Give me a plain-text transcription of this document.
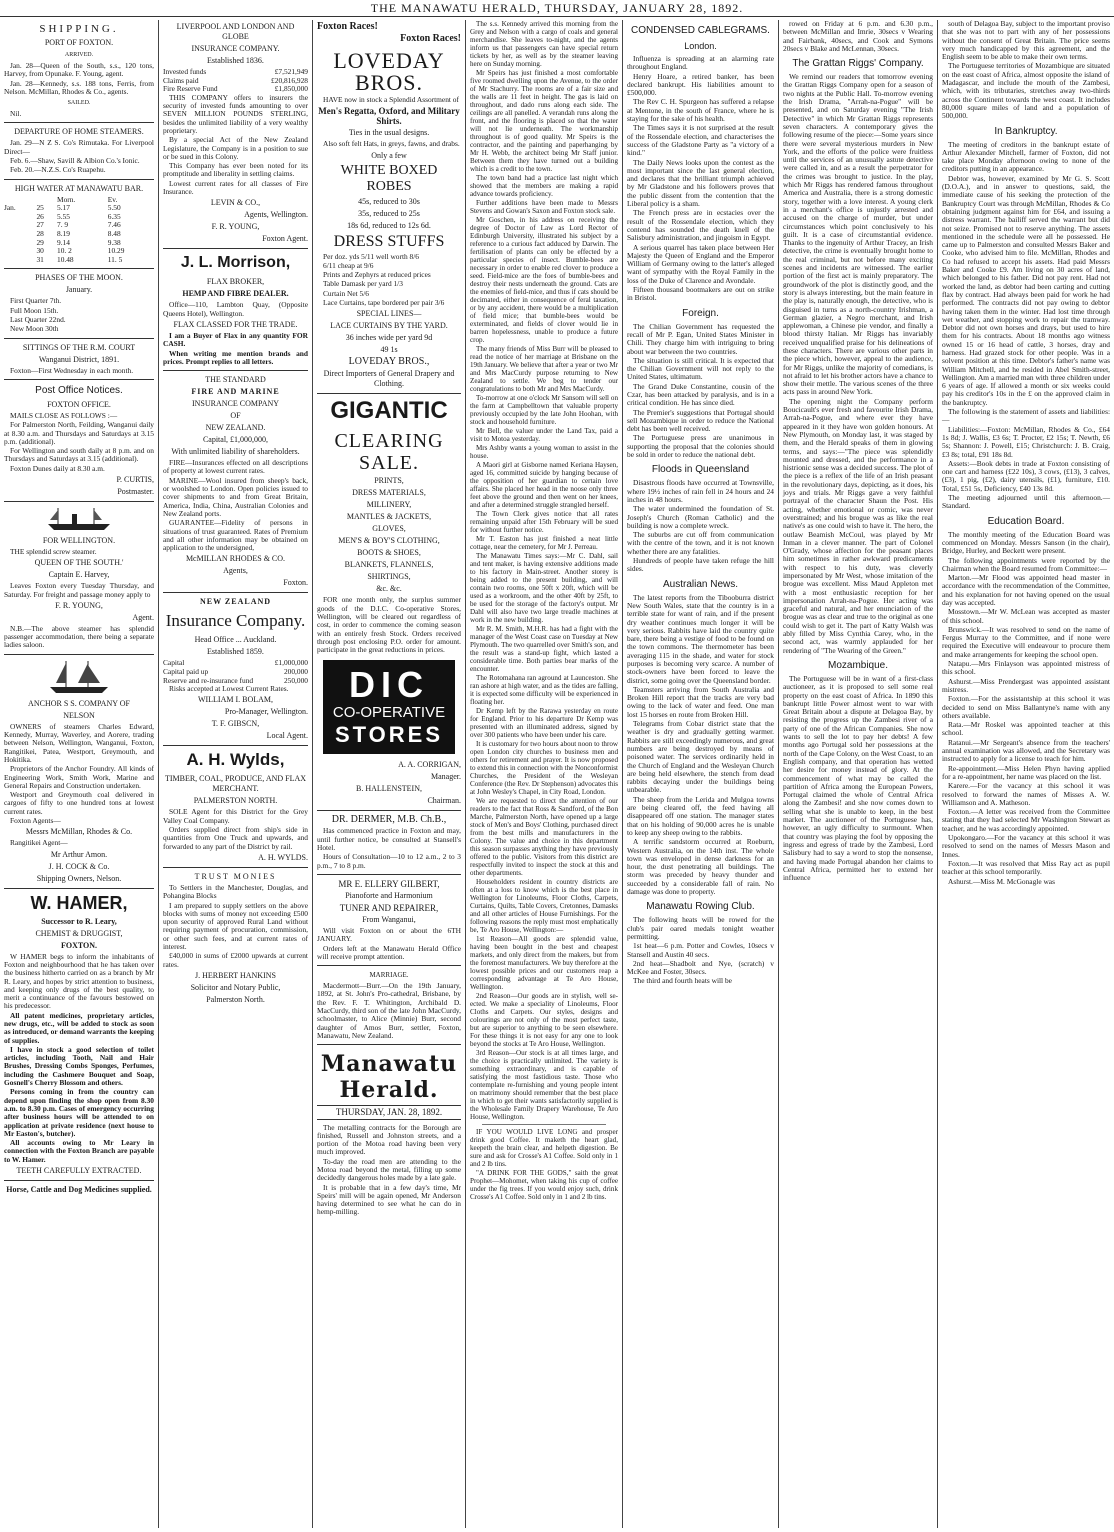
THE MANAWATU HERALD, THURSDAY, JANUARY 28, 1892.
SHIPPING.
PORT OF FOXTON.
ARRIVED.

Jan. 28—Queen of the South, s.s., 120 tons, Harvey, from Opunake. F. Young, agent.

Jan. 28—Kennedy, s.s. 188 tons, Ferris, from Nelson. McMillan, Rhodes & Co., agents.

SAILED.

Nil.

DEPARTURE OF HOME STEAMERS.

Jan. 29—N Z S. Co's Rimutaka. For Liverpool Direct—

Feb. 6.—Shaw, Savill & Albion Co.'s Ionic.

Feb. 20.—N.Z.S. Co's Ruapehu.

HIGH WATER AT MANAWATU BAR.
		Morn.	Ev.
Jan.	25	5.17	5.50
	26	5.55	6.35
	27	7. 9	7.46
	28	8.19	8.48
	29	9.14	9.38
	30	10. 2	10.29
	31	10.48	11. 5
PHASES OF THE MOON.
January.

First Quarter 7th.

Full Moon 15th.

Last Quarter 22nd.

New Moon 30th

SITTINGS OF THE R.M. COURT
Wanganui District, 1891.

Foxton—First Wednesday in each month.

Post Office Notices.
FOXTON OFFICE.

MAILS CLOSE AS FOLLOWS :—

For Palmerston North, Feilding, Wanganui daily at 8.30 a.m. and Thursdays and Saturdays at 3.15 p.m. (additional).

For Wellington and south daily at 8 p.m. and on Thursdays and Saturdays at 3.15 (additional).

Foxton Dunes daily at 8.30 a.m.

P. CURTIS,
Postmaster.
FOR WELLINGTON.

THE splendid screw steamer.

QUEEN OF THE SOUTH.'
Captain E. Harvey,

Leaves Foxton every Tuesday Thursday, and Saturday. For freight and passage money apply to

F. R. YOUNG,
Agent.

N.B.—The above steamer has splendid passenger accommodation, there being a separate ladies saloon.

ANCHOR S S. COMPANY OF
NELSON

OWNERS of steamers Charles Edward, Kennedy, Murray, Waverley, and Aorere, trading between Nelson, Wellington, Wanganui, Foxton, Rangitikei, Patea, Westport, Greymouth, and Hokitika.

Proprietors of the Anchor Foundry. All kinds of Engineering Work, Smith Work, Marine and General Repairs and Construction undertaken.

Westport and Greymouth coal delivered in cargoes of fifty to one hundred tons at lowest current rates.

Foxton Agents—

Messrs McMillan, Rhodes & Co.

Rangitikei Agent—

Mr Arthur Amon.
J. H. COCK & Co.
Shipping Owners, Nelson.
W. HAMER,
Successor to R. Leary,
CHEMIST & DRUGGIST,
FOXTON.

W HAMER begs to inform the inhabitants of Foxton and neighbourhood that he has taken over the business hitherto carried on as a branch by Mr R. Leary, and hopes by strict attention to business, and keeping only drugs of the best quality, to merit a continuance of the favours bestowed on his predecessor.

All patent medicines, proprietary articles, new drugs, etc., will be added to stock as soon as introduced, or demand warrants the keeping of supplies.

I have in stock a good selection of toilet articles, including Tooth, Nail and Hair Brushes, Dressing Combs Sponges, Perfumes, including the Cashmere Bouquet and Soap, Gosnell's Cherry Blossom and others.

Persons coming in from the country can depend upon finding the shop open from 8.30 a.m. to 8.30 p.m. Cases of emergency occurring after business hours will be attended to on application at private residence (next house to Mr Easton's, butcher).

All accounts owing to Mr Leary in connection with the Foxton Branch are payable to W. Hamer.

TEETH CAREFULLY EXTRACTED.
Horse, Cattle and Dog Medicines supplied.
LIVERPOOL AND LONDON AND GLOBE
INSURANCE COMPANY.
Established 1836.
Invested funds	£7,521,949
Claims paid	£20,816,928
Fire Reserve Fund	£1,850,000

THIS COMPANY offers to insurers the security of invested funds amounting to over SEVEN MILLION POUNDS STERLING, besides the unlimited liability of a very wealthy proprietary.

By a special Act of the New Zealand Legislature, the Company is in a position to sue or be sued in this Colony.

This Company has ever been noted for its promptitude and liberality in settling claims.

Lowest current rates for all classes of Fire Insurance.

LEVIN & CO.,
Agents, Wellington.
F. R. YOUNG,
Foxton Agent.
J. L. Morrison,
FLAX BROKER,
HEMP AND FIBRE DEALER.

Office—110, Lambton Quay, (Opposite Queens Hotel), Wellington.

FLAX CLASSED FOR THE TRADE.

I am a Buyer of Flax in any quantity FOR CASH.

When writing me mention brands and prices. Prompt replies to all letters.

THE STANDARD
FIRE AND MARINE
INSURANCE COMPANY
OF
NEW ZEALAND.
Capital, £1,000,000,
With unlimited liability of shareholders.

FIRE—Insurances effected on all descriptions of property at lowest current rates.

MARINE—Wool insured from sheep's back, or woolshed to London. Open policies issued to cover shipments to and from Great Britain, America, India, China, Australian Colonies and New Zealand ports.

GUARANTEE—Fidelity of persons in situations of trust guaranteed. Rates of Premium and all other information may be obtained on application to the undersigned,

McMILLAN RHODES & CO.
Agents,
Foxton.
NEW ZEALAND
Insurance Company.
Head Office ... Auckland.
Established 1859.
Capital	£1,000,000
Capital paid up	200,000
Reserve and re-insurance fund	250,000

Risks accepted at Lowest Current Rates.

WILLIAM I. BOLAM,
Pro-Manager, Wellington.
T. F. GIBSCN,
Local Agent.
A. H. Wylds,
TIMBER, COAL, PRODUCE, AND FLAX MERCHANT.
PALMERSTON NORTH.

SOLE Agent for this District for the Grey Valley Coal Company.

Orders supplied direct from ship's side in quantities from One Truck and upwards, and forwarded to any part of the District by rail.

A. H. WYLDS.
TRUST MONIES

To Settlers in the Manchester, Douglas, and Pohangina Blocks

I am prepared to supply settlers on the above blocks with sums of money not exceeding £500 upon security of approved Rural Land without requiring payment of procuration, commission, or other such fees, and at current rates of interest.

£40,000 in sums of £2000 upwards at current rates.

J. HERBERT HANKINS
Solicitor and Notary Public,
Palmerston North.
Foxton Races!
Foxton Races!
LOVEDAY BROS.

HAVE now in stock a Splendid Assortment of

Men's Regatta, Oxford, and Military Shirts.
Ties in the usual designs.

Also soft felt Hats, in greys, fawns, and drabs.

Only a few
WHITE BOXED ROBES
45s, reduced to 30s
35s, reduced to 25s
18s 6d, reduced to 12s 6d.
DRESS STUFFS

Per doz. yds 5/11 well worth 8/6

6/11 cheap at 9/6

Prints and Zephyrs at reduced prices

Table Damask per yard 1/3

Curtain Net 5/6

Lace Curtains, tape bordered per pair 3/6

SPECIAL LINES—
LACE CURTAINS BY THE YARD.
36 inches wide per yard 9d
49 1s
LOVEDAY BROS.,
Direct Importers of General Drapery and Clothing.
GIGANTIC
CLEARING SALE.
PRINTS,
DRESS MATERIALS,
MILLINERY,
MANTLES & JACKETS,
GLOVES,
MEN'S & BOY'S CLOTHING,
BOOTS & SHOES,
BLANKETS, FLANNELS,
SHIRTINGS,
&c. &c.

FOR one month only, the surplus summer goods of the D.I.C. Co-operative Stores, Wellington, will be cleared out regardless of cost, in order to commence the coming season with an entirely fresh Stock. Orders received through post enclosing P.O. order for amount. participate in the great reductions in prices.

DIC
CO-OPERATIVE
STORES
A. A. CORRIGAN,
Manager.
B. HALLENSTEIN,
Chairman.
DR. DERMER, M.B. Ch.B.,

Has commenced practice in Foxton and may, until further notice, be consulted at Stansell's Hotel.

Hours of Consultation—10 to 12 a.m., 2 to 3 p.m., 7 to 8 p.m.

MR E. ELLERY GILBERT,
Pianoforte and Harmonium
TUNER AND REPAIRER,
From Wanganui,

Will visit Foxton on or about the 6TH JANUARY.

Orders left at the Manawatu Herald Office will receive prompt attention.

MARRIAGE.

Macdermott—Burr.—On the 19th January, 1892, at St. John's Pro-cathedral, Brisbane, by the Rev. F. T. Whitington, Archibald D. MacCurdy, third son of the late John MacCurdy, schoolmaster, to Alice (Minnie) Burr, second daughter of Amos Burr, settler, Foxton, Manawatu, New Zealand.

Manawatu Herald.
THURSDAY, JAN. 28, 1892.

The metalling contracts for the Borough are finished, Russell and Johnston streets, and a portion of the Motoa road having been very much improved.

To-day the road men are attending to the Motoa road beyond the metal, filling up some decidedly dangerous holes made by a late gale.

It is probable that in a few day's time, Mr Speirs' mill will be again opened, Mr Anderson having determined to see what he can do in hemp-milling.

The s.s. Kennedy arrived this morning from the Grey and Nelson with a cargo of coals and general merchandise. She leaves to-night, and the agents inform us that passengers can have special return tickets by her, as well as by the steamer leaving here on Sunday morning.

Mr Speirs has just finished a most comfortable five roomed dwelling upon the Avenue, to the order of Mr Stachurry. The rooms are of a fair size and the walls are 11 feet in height. The gas is laid on throughout, and dado runs along each side. The ceilings are all panelled. A verandah runs along the front, and the flooring is placed so that the water will not lie underneath. The workmanship throughout is of good quality. Mr Speirs is the contractor, and the painting and paperhanging by Mr H. Webb, the architect being Mr Staff junior. Between them they have turned out a building which is a credit to the town.

The town band had a practice last night which showed that the members are making a rapid advance towards proficiency.

Further additions have been made to Messrs Stevens and Gowan's Saxon and Foxton stock sale.

Mr Goschen, in his address on receiving the degree of Doctor of Law as Lord Rector of Edinburgh University, illustrated his subject by a reference to a curious fact adduced by Darwin. The fertilisation of plants can only be effected by a particular species of insect. Bumble-bees are necessary in order to enable red clover to produce a seed. Field-mice are the foes of bumble-bees and destroy their nests underneath the ground. Cats are the enemies of field-mice, and thus if cats should be decimated, either in consequence of feral taxation, or by any accident, there would be a multiplication of field mice; that bumble-bees would be exterminated, and fields of clover would lie in barren hopelessness, unable to produce a future crop.

The many friends of Miss Burr will be pleased to read the notice of her marriage at Brisbane on the 19th January. We believe that after a year or two Mr and Mrs MacCurdy purpose returning to New Zealand to settle. We beg to tender our congratulations to both Mr and Mrs MacCurdy.

To-morrow at one o'clock Mr Sansom will sell on the farm at Campbelltown that valuable property previously occupied by the late John Hoohan, with stock and household furniture.

Mr Bell, the valuer under the Land Tax, paid a visit to Motoa yesterday.

Mrs Ashby wants a young woman to assist in the house.

A Maori girl at Gisborne named Keriana Haysen, aged 16, committed suicide by hanging because of the opposition of her guardian to certain love affairs. She placed her head in the noose only three feet above the ground and then went on her knees, and after a determined struggle strangled herself.

The Town Clerk gives notice that all rates remaining unpaid after 15th February will be sued for without further notice.

Mr T. Easton has just finished a neat little cottage, near the cemetery, for Mr J. Perreau.

The Manawatu Times says:—Mr C. Dahl, sail and tent maker, is having extensive additions made to his factory in Main-street. Another storey is being added to the present building, and will contain two rooms, one 50ft x 20ft, which will be used as a workroom, and the other 40ft by 25ft, to be used for the storage of the factory's output. Mr Dahl will also have two large treadle machines at work in the new building.

Mr R. M. Smith, M.H.R. has had a fight with the manager of the West Coast case on Tuesday at New Plymouth. The two quarrelled over Smith's son, and the result was a stand-up fight, which lasted a considerable time. Both parties bear marks of the encounter.

The Rotomahana ran aground at Launceston. She ran ashore at high water, and as the tides are falling, it is expected some difficulty will be experienced in floating her.

Dr Kemp left by the Rarawa yesterday en route for England. Prior to his departure Dr Kemp was presented with an illuminated address, signed by over 300 patients who have been under his care.

It is customary for two hours about noon to throw open London city churches to business men and others for retirement and prayer. It is now proposed to extend this in connection with the Nonconformist Churches, the President of the Wesleyan Conference (the Rev. Dr Stephenson) advocates this at John Wesley's Chapel, in City Road, London.

We are requested to direct the attention of our readers to the fact that Ross & Sandford, of the Bon Marche, Palmerston North, have opened up a large stock of Men's and Boys' Clothing, purchased direct from the best mills and manufacturers in the Colony. The value and choice in this department this season surpasses anything they have previously offered to the public. Visitors from this district are respectfully invited to inspect the stock at this and other departments.

Householders resident in country districts are often at a loss to know which is the best place in Wellington for Linoleums, Floor Cloths, Carpets, Curtains, Quilts, Table Covers, Cretonnes, Damasks and all other articles of House Furnishings. For the following reasons the reply must most emphatically be, Te Aro House, Wellington:—

1st Reason—All goods are splendid value, having been bought in the best and cheapest markets, and only direct from the makers, but from the foremost manufacturers. We buy therefore at the lowest possible prices and our customers reap a corresponding advantage at Te Aro House, Wellington.

2nd Reason—Our goods are in stylish, well se-ected. We make a speciality of Linoleums, Floor Cloths and Carpets. Our styles, designs and colourings are not only of the most perfect taste, but are superior to anything to be seen elsewhere. For these things it is not easy for any one to look beyond the stocks at Te Aro House, Wellington.

3rd Reason—Our stock is at all times large, and the choice is practically unlimited. The variety is something extraordinary, and is capable of satisfying the most fastidious taste. Those who contemplate re-furnishing and young people intent on matrimony should remember that the best place in which to get their wants satisfactorily supplied is the Wholesale Family Drapery Warehouse, Te Aro House, Wellington.

IF YOU WOULD LIVE LONG and prosper drink good Coffee. It maketh the heart glad, keepeth the brain clear, and helpeth digestion. Be sure and ask for Crosse's A1 Coffee. Sold only in 1 and 2 lb tins.

"A DRINK FOR THE GODS," saith the great Prophet—Mohomet, when taking his cup of coffee under the fig trees. If you would enjoy such, drink Crosse's A1 Coffee. Sold only in 1 and 2 lb tins.

CONDENSED CABLEGRAMS.
London.

Influenza is spreading at an alarming rate throughout England.

Henry Hoare, a retired banker, has been declared bankrupt. His liabilities amount to £500,000.

The Rev C. H. Spurgeon has suffered a relapse at Mentone, in the south of France, where he is staying for the sake of his health.

The Times says it is not surprised at the result of the Rossendale election, and characterises the success of the Gladstone Party as "a victory of a kind."

The Daily News looks upon the contest as the most important since the last general election, and declares that the brilliant triumph achieved by Mr Gladstone and his followers proves that the public dissent from the contention that the Liberal policy is a sham.

The French press are in ecstacies over the result of the Rossendale election, which they contend has sounded the death knell of the Salisbury administration, and jingoism in Egypt.

A serious quarrel has taken place between Her Majesty the Queen of England and the Emperor William of Germany owing to the latter's alleged want of sympathy with the Royal Family in the loss of the Duke of Clarence and Avondale.

Fifteen thousand bootmakers are out on strike in Bristol.

Foreign.

The Chilian Government has requested the recall of Mr P. Egan, United States Minister in Chili. They charge him with intriguing to bring about war between the two countries.

The situation is still critical. It is expected that the Chilian Government will not reply to the United States, ultimatum.

The Grand Duke Constantine, cousin of the Czar, has been attacked by paralysis, and is in a critical condition. He has since died.

The Premier's suggestions that Portugal should sell Mozambique in order to reduce the National debt has been well received.

The Portuguese press are unanimous in supporting the proposal that the colonies should be sold in order to reduce the national debt.

Floods in Queensland

Disastrous floods have occurred at Townsville, where 19½ inches of rain fell in 24 hours and 24 inches in 48 hours.

The water undermined the foundation of St. Joseph's Church (Roman Catholic) and the building is now a complete wreck.

The suburbs are cut off from communication with the centre of the town, and it is not known whether there are any fatalities.

Hundreds of people have taken refuge the hill sides.

Australian News.

The latest reports from the Tibooburra district New South Wales, state that the country is in a terrible state for want of rain, and if the present dry weather continues much longer it will be very serious. Rabbits have laid the country quite bare, there being a vestige of food to be found on the town commons. The thermometer has been averaging 115 in the shade, and water for stock purposes is becoming very scarce. A number of stock-owners have been forced to leave the district, some going over the Queensland border.

Teamsters arriving from South Australia and Broken Hill report that the tracks are very bad owing to the lack of water and feed. One man lost 15 horses en route from Broken Hill.

Telegrams from Cobar district state that the weather is dry and gradually getting warmer. Rabbits are still exceedingly numerous, and great numbers are being destroyed by means of poisoned water. The services ordinarily held in the Church of England and the Wesleyan Church are being held elsewhere, the stench from dead rabbits decaying under the buildings being unbearable.

The sheep from the Lerida and Mulgoa towns are being cleared off, the feed having all disappeared off one station. The manager states that on his holding of 90,000 acres he is unable to keep any sheep owing to the rabbits.

A terrific sandstorm occurred at Roeburn, Western Australia, on the 14th inst. The whole town was enveloped in dense darkness for an hour, the dust penetrating all buildings. The storm was preceded by heavy thunder and succeeded by a considerable fall of rain. No damage was done to property.

Manawatu Rowing Club.

The following heats will be rowed for the club's pair oared medals tonight weather permitting.

1st heat—6 p.m. Potter and Cowles, 10secs v Stansell and Austin 40 secs.

2nd heat—Shadbolt and Nye, (scratch) v McKee and Foster, 30secs.

The third and fourth heats will be

rowed on Friday at 6 p.m. and 6.30 p.m., between McMillan and Imrie, 30secs v Wearing and Fairbank, 40secs, and Cook and Symons 20secs v Blake and McLennan, 30secs.

The Grattan Riggs' Company.

We remind our readers that tomorrow evening the Grattan Riggs Company open for a season of two nights at the Public Hall. To-morrow evening the Irish Drama, "Arrah-na-Pogue" will be presented, and on Saturday evening "The Irish Detective" in which Mr Grattan Riggs represents seven characters. A contemporary gives the following resume of the piece:—Some years since there were several mysterious murders in New York, and the efforts of the police were fruitless until the services of an unusually astute detective were called in, and as a result the perpetrator for the crimes was brought to justice. In the play, which Mr Riggs has rendered famous throughout America and Australia, there is a strong domestic story, together with a love interest. A young clerk in a merchant's office is unjustly arrested and accused on the charge of murder, but under circumstances which point conclusively to his guilt. It is a case of circumstantial evidence. Thanks to the ingenuity of Arthur Tracey, an Irish detective, the crime is eventually brought home to the real criminal, but not before many exciting scenes and incidents are witnessed. The earlier portion of the first act is mainly preparatory. The groundwork of the plot is distinctly good, and the story is always interesting, but the main feature in the play is, naturally enough, the detective, who is disguised in turns as a north-country Irishman, a German glazier, a Negro merchant, and Irish applewoman, a Chinese pie vendor, and finally a blood thirsty Italian. Mr Riggs has invariably received unqualified praise for his delineations of these characters. There are various other parts in the piece which, however, appeal to the audience, for Mr Riggs, unlike the majority of comedians, is not afraid to let his brother actors have a chance to show their mettle. The various scenes of the three acts pass in around New York.

The opening night the Company perform Boucicault's ever fresh and favourite Irish Drama, Arrah-na-Pogue, and where ever they have appeared in it they have won golden honours. At New Plymouth, on Monday last, it was staged by them, and the Herald speaks of them in glowing terms, and says:—"The piece was splendidly mounted and dressed, and the performance in a histrionic sense was a decided success. The plot of the piece is a reflex of the life of an Irish peasant in the revolutionary days, depicting, as it does, his joys and trials. Mr Riggs gave a very faithful portrayal of the character Shaun the Post. His acting, whether emotional or comic, was never overstrained; and his brogue was as like the real native's as one could wish to have it. The hero, the outlaw Beamish McCoul, was played by Mr Inman in a clever manner. The part of Colonel O'Grady, whose affection for the peasant places him sometimes in rather awkward predicaments with respect to his duty, was cleverly impersonated by Mr West, whose imitation of the brogue was excellent. Miss Maud Appleton met with a most enthusiastic reception for her impersonation Arrah-na-Pogue. Her acting was graceful and natural, and her enunciation of the brogue was as clear and true to the original as one could wish to get it. The part of Katty Walsh was ably filled by Miss Cynthia Carey, who, in the second act, was warmly applauded for her rendering of "The Wearing of the Green."

Mozambique.

The Portuguese will be in want of a first-class auctioneer, as it is proposed to sell some real property on the east coast of Africa. In 1890 this bankrupt little Power almost went to war with Great Britain about a dispute at Delagoa Bay, by resisting the progress up the Zambesi river of a party of one of the African Companies. She now wants to sell the lot to pay her debts! A few months ago Portugal sold her possessions at the north of the Cape Colony, on the West Coast, to an English company, and that operation has wetted her desire for money instead of glory. At the commencement of what may be called the partition of Africa among the European Powers, Portugal claimed the whole of Central Africa along the Zambesi! and she now comes down to selling what she is unable to keep, in the best market. The auctioneer of the Portuguese has, however, an ugly difficulty to surmount. When that country was playing the fool by opposing the ingress and egress of trade by the Zambesi, Lord Salisbury had to say a word to stop the nonsense, and having made Portugal abandon her claims to Central Africa, permitted her to extend her influence

south of Delagoa Bay, subject to the important proviso that she was not to part with any of her possessions without the consent of Great Britain. The price seems very much handicapped by this agreement, and the English seem to be able to make their own terms.

The Portuguese territories of Mozambique are situated on the east coast of Africa, almost opposite the island of Madagascar, and include the mouth of the Zambesi, which, with its tributaries, stretches away two-thirds across the Continent towards the west coast. It includes 80,000 square miles of land and a population of 500,000.

In Bankruptcy.

The meeting of creditors in the bankrupt estate of Arthur Alexander Mitchell, farmer of Foxton, did not take place Monday afternoon owing to none of the creditors putting in an appearance.

Debtor was, however, examined by Mr G. S. Scott (D.O.A.), and in answer to questions, said, the immediate cause of his seeking the protection of the Bankruptcy Court was through McMillan, Rhodes & Co obtaining judgment against him for £64, and issuing a distress warrant. The bailiff served the warrant but did not seize. Promised not to reserve anything. The assets mentioned in the schedule were all he possessed. He came up to Palmerston and consulted Messrs Baker and Cooke, who advised him to file. McMillan, Rhodes and Co had refused to accept his assets. Had paid Messrs Baker and Cooke £9. Am living on 30 acres of land, which belonged to his father. Did not pay rent. Had not worked the land, as debtor had been carting and cutting flax by contract. Had always been paid for work he had performed. The contracts did not pay owing to debtor having taken them in the winter. Had lost time through wet weather, and stopping work to repair the tramway. Debtor did not own horses and drays, but used to hire them for his contracts. About 18 months ago witness owned 15 or 16 head of cattle, 3 horses, dray and harness. Had grazed stock for other people. Was in a solvent position at this time. Debtor's father's name was William Mitchell, and he resided in Abel Smith-street, Wellington. Am a married man with three children under 6 years of age. If allowed a month or six weeks could pay his creditor's 10s in the £ on the approved claim in the bankruptcy.

The following is the statement of assets and liabilities:—

Liabilities:—Foxton: McMillan, Rhodes & Co., £64 1s 8d; J. Wallis, £3 6s; T. Procter, £2 15s; T. Newth, £6 5s; Shannon: J. Powell, £15; Christchurch: J. B. Craig, £3 8s; total, £91 18s 8d.

Assets:—Book debts in trade at Foxton consisting of one cart and harness (£22 10s), 3 cows, (£13), 3 calves, (£3), 1 pig, (£2), dairy utensils, (£1), furniture, £10. Total, £51 5s, Deficiency, £40 13s 8d.

The meeting adjourned until this afternoon.—Standard.

Education Board.

The monthly meeting of the Education Board was commenced on Monday. Messrs Sanson (in the chair), Bridge, Hurley, and Beckett were present.

The following appointments were reported by the Chairman when the Board resumed from Committee:—

Marton.—Mr Flood was appointed head master in accordance with the recommendation of the Committee, and his explanation for not having opened on the usual day was accepted.

Mosstown.—Mr W. McLean was accepted as master of this school.

Brunswick.—It was resolved to send on the name of Fergus Murray to the Committee, and if none were required the Executive will endeavour to procure them and make arrangements for keeping the school open.

Natapu.—Mrs Finlayson was appointed mistress of this school.

Ashurst.—Miss Prendergast was appointed assistant mistress.

Foxton.—For the assistantship at this school it was decided to send on Miss Ballantyne's name with any others available.

Rata.—Mr Roskel was appointed teacher at this school.

Ratanui.—Mr Sergeant's absence from the teachers' annual examination was allowed, and the Secretary was instructed to apply for a license to teach for him.

Re-appointment.—Miss Helen Phyn having applied for a re-appointment, her name was placed on the list.

Karere.—For the vacancy at this school it was resolved to forward the names of Misses A. W. Williamson and A. Matheson.

Foxton.—A letter was received from the Committee stating that they had selected Mr Washington Stewart as teacher, and he was accordingly appointed.

Upokongaro.—For the vacancy at this school it was resolved to send on the names of Messrs Mason and Innes.

Foxton.—It was resolved that Miss Ray act as pupil teacher at this school temporarily.

Ashurst.—Miss M. McGonagle was
